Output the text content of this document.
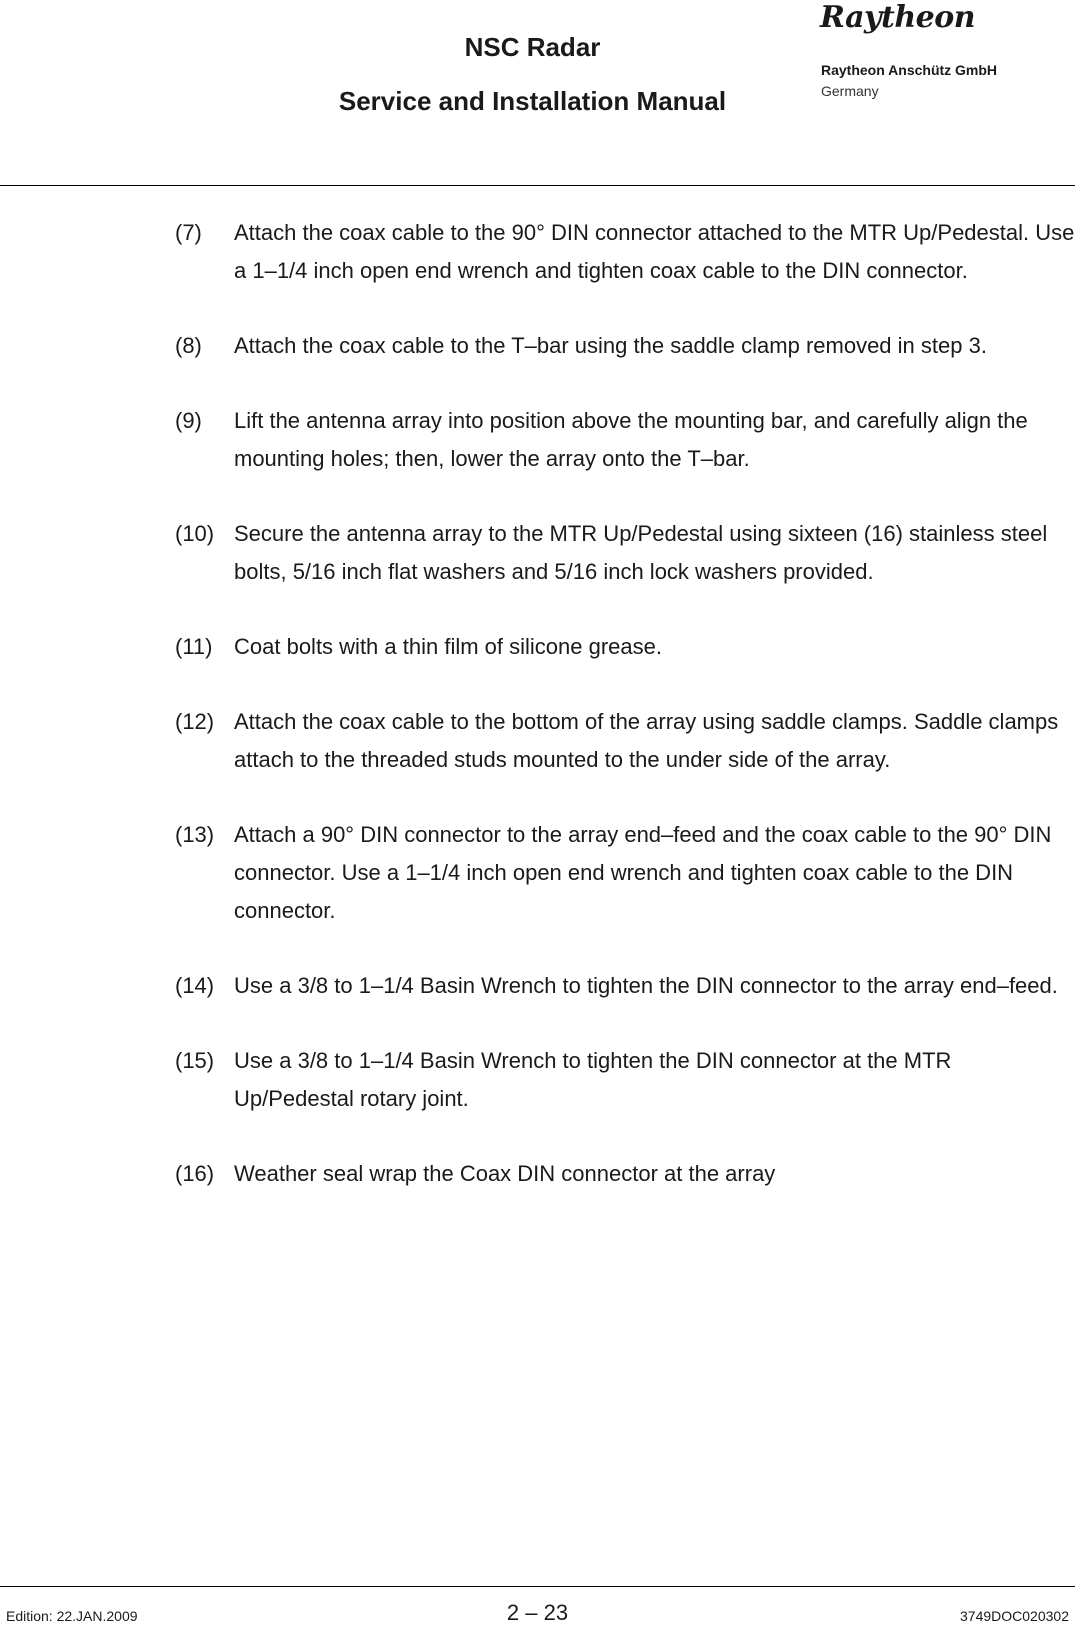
NSC Radar
Service and Installation Manual
Raytheon
Raytheon Anschütz GmbH
Germany
(7)	Attach the coax cable to the 90° DIN connector attached to the MTR Up/Pedestal. Use a 1–1/4 inch open end wrench and tighten coax cable to the DIN connector.
(8)	Attach the coax cable to the T–bar using the saddle clamp removed in step 3.
(9)	Lift the antenna array into position above the mounting bar, and carefully align the mounting holes; then, lower the array onto the T–bar.
(10) Secure the antenna array to the MTR Up/Pedestal using sixteen (16) stainless steel bolts, 5/16 inch flat washers and 5/16 inch lock washers provided.
(11) Coat bolts with a thin film of silicone grease.
(12) Attach the coax cable to the bottom of the array using saddle clamps. Saddle clamps attach to the threaded studs mounted to the under side of the array.
(13) Attach a 90° DIN connector to the array end–feed and the coax cable to the 90° DIN connector. Use a 1–1/4 inch open end wrench and tighten coax cable to the DIN connector.
(14) Use a 3/8 to 1–1/4 Basin Wrench to tighten the DIN connector to the array end–feed.
(15) Use a 3/8 to 1–1/4 Basin Wrench to tighten the DIN connector at the MTR Up/Pedestal rotary joint.
(16) Weather seal wrap the Coax DIN connector at the array
Edition: 22.JAN.2009	2 – 23	3749DOC020302
